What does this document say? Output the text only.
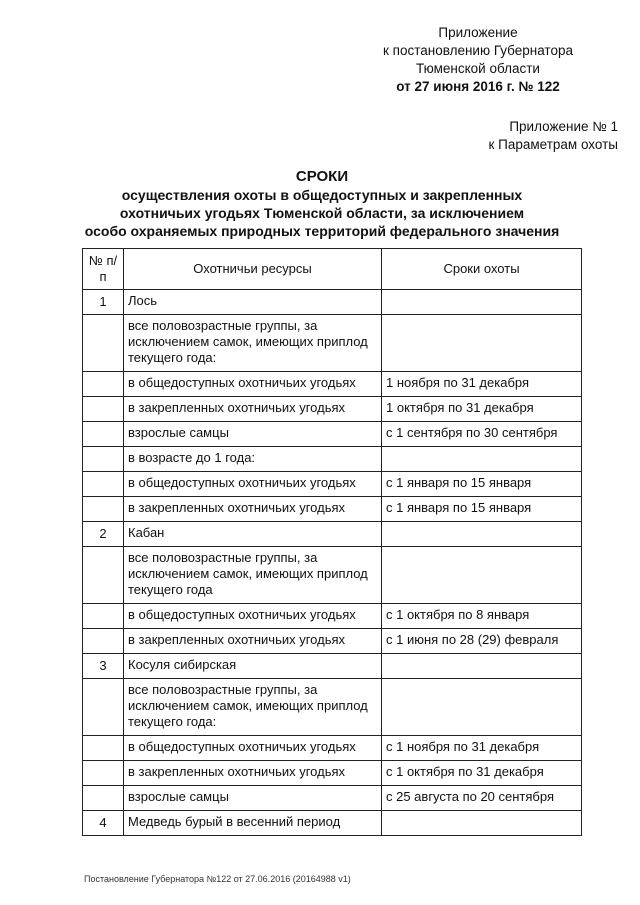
Приложение
к постановлению Губернатора
Тюменской области
от 27 июня 2016 г. № 122
Приложение № 1
к Параметрам охоты
СРОКИ
осуществления охоты в общедоступных и закрепленных
охотничьих угодьях Тюменской области, за исключением
особо охраняемых природных территорий федерального значения
№ п/п	Охотничьи ресурсы	Сроки охоты
1	Лось	
	все половозрастные группы, за исключением самок, имеющих приплод текущего года:	
	в общедоступных охотничьих угодьях	1 ноября по 31 декабря
	в закрепленных охотничьих угодьях	1 октября по 31 декабря
	взрослые самцы	с 1 сентября по 30 сентября
	в возрасте до 1 года:	
	в общедоступных охотничьих угодьях	с 1 января по 15 января
	в закрепленных охотничьих угодьях	с 1 января по 15 января
2	Кабан	
	все половозрастные группы, за исключением самок, имеющих приплод текущего года	
	в общедоступных охотничьих угодьях	с 1 октября по 8 января
	в закрепленных охотничьих угодьях	с 1 июня по 28 (29) февраля
3	Косуля сибирская	
	все половозрастные группы, за исключением самок, имеющих приплод текущего года:	
	в общедоступных охотничьих угодьях	с 1 ноября по 31 декабря
	в закрепленных охотничьих угодьях	с 1 октября по 31 декабря
	взрослые самцы	с 25 августа по 20 сентября
4	Медведь бурый в весенний период	
Постановление Губернатора №122 от 27.06.2016 (20164988 v1)
